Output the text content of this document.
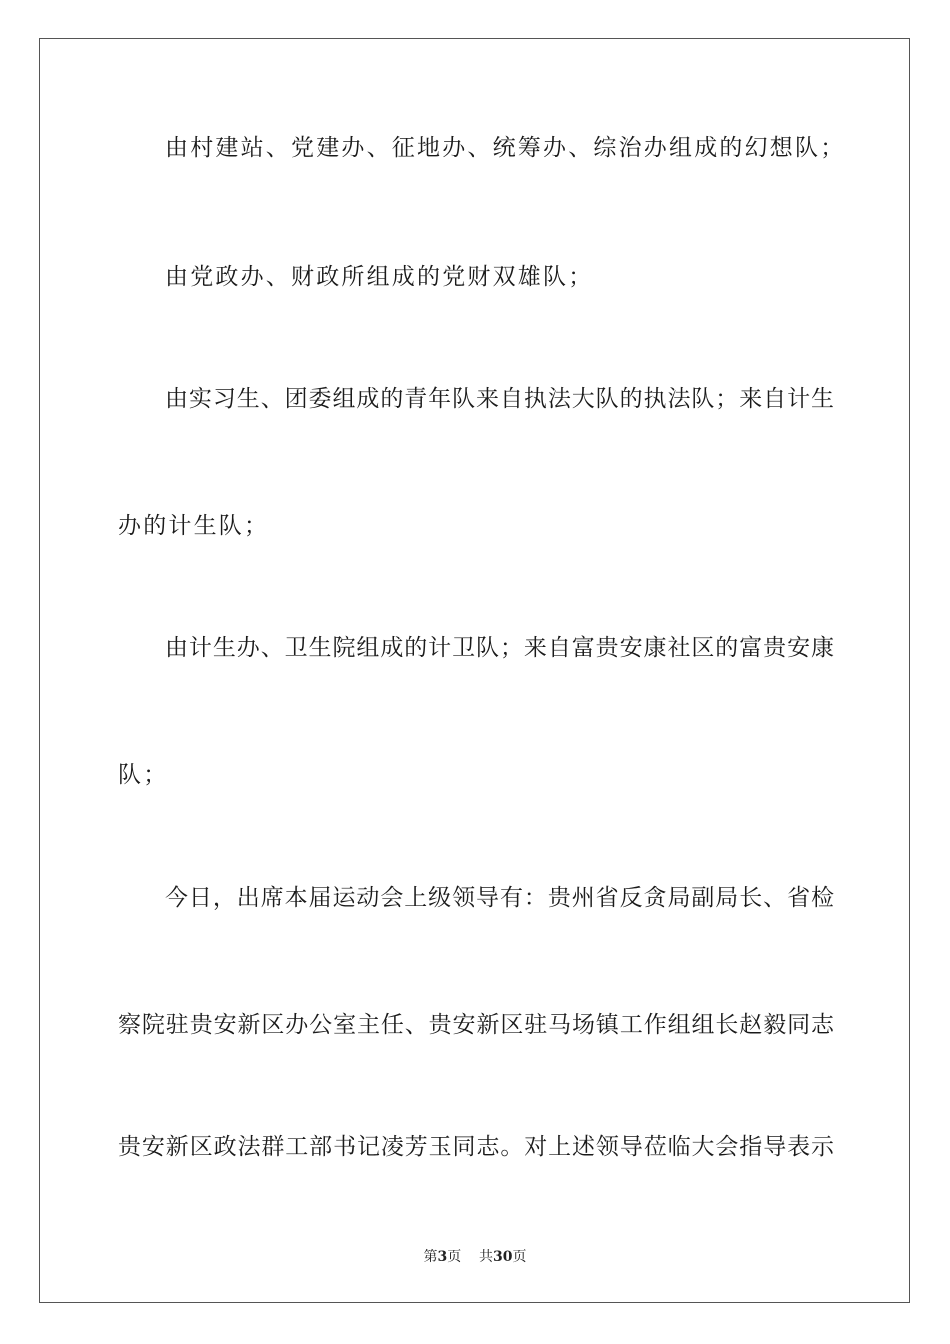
由村建站、党建办、征地办、统筹办、综治办组成的幻想队；
由党政办、财政所组成的党财双雄队；
由实习生、团委组成的青年队来自执法大队的执法队；来自计生
办的计生队；
由计生办、卫生院组成的计卫队；来自富贵安康社区的富贵安康
队；
今日，出席本届运动会上级领导有：贵州省反贪局副局长、省检
察院驻贵安新区办公室主任、贵安新区驻马场镇工作组组长赵毅同志
贵安新区政法群工部书记凌芳玉同志。对上述领导莅临大会指导表示
第3页 共30页
